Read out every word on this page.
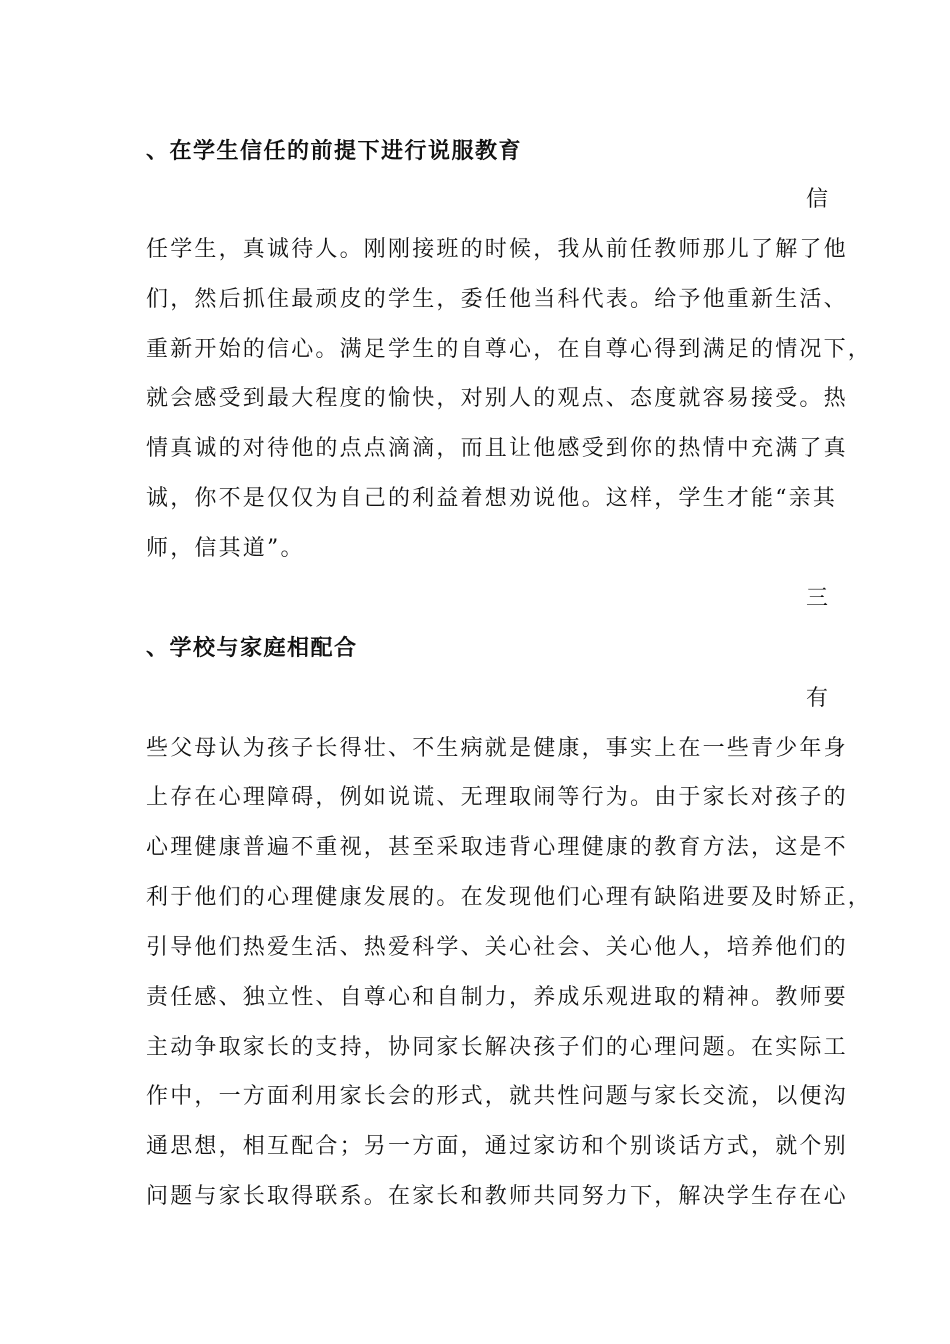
、在学生信任的前提下进行说服教育
信
任学生，真诚待人。刚刚接班的时候，我从前任教师那儿了解了他
们，然后抓住最顽皮的学生，委任他当科代表。给予他重新生活、
重新开始的信心。满足学生的自尊心，在自尊心得到满足的情况下，
就会感受到最大程度的愉快，对别人的观点、态度就容易接受。热
情真诚的对待他的点点滴滴，而且让他感受到你的热情中充满了真
诚，你不是仅仅为自己的利益着想劝说他。这样，学生才能“亲其
师，信其道”。
三
、学校与家庭相配合
有
些父母认为孩子长得壮、不生病就是健康，事实上在一些青少年身
上存在心理障碍，例如说谎、无理取闹等行为。由于家长对孩子的
心理健康普遍不重视，甚至采取违背心理健康的教育方法，这是不
利于他们的心理健康发展的。在发现他们心理有缺陷进要及时矫正，
引导他们热爱生活、热爱科学、关心社会、关心他人，培养他们的
责任感、独立性、自尊心和自制力，养成乐观进取的精神。教师要
主动争取家长的支持，协同家长解决孩子们的心理问题。在实际工
作中，一方面利用家长会的形式，就共性问题与家长交流，以便沟
通思想，相互配合；另一方面，通过家访和个别谈话方式，就个别
问题与家长取得联系。在家长和教师共同努力下，解决学生存在心
